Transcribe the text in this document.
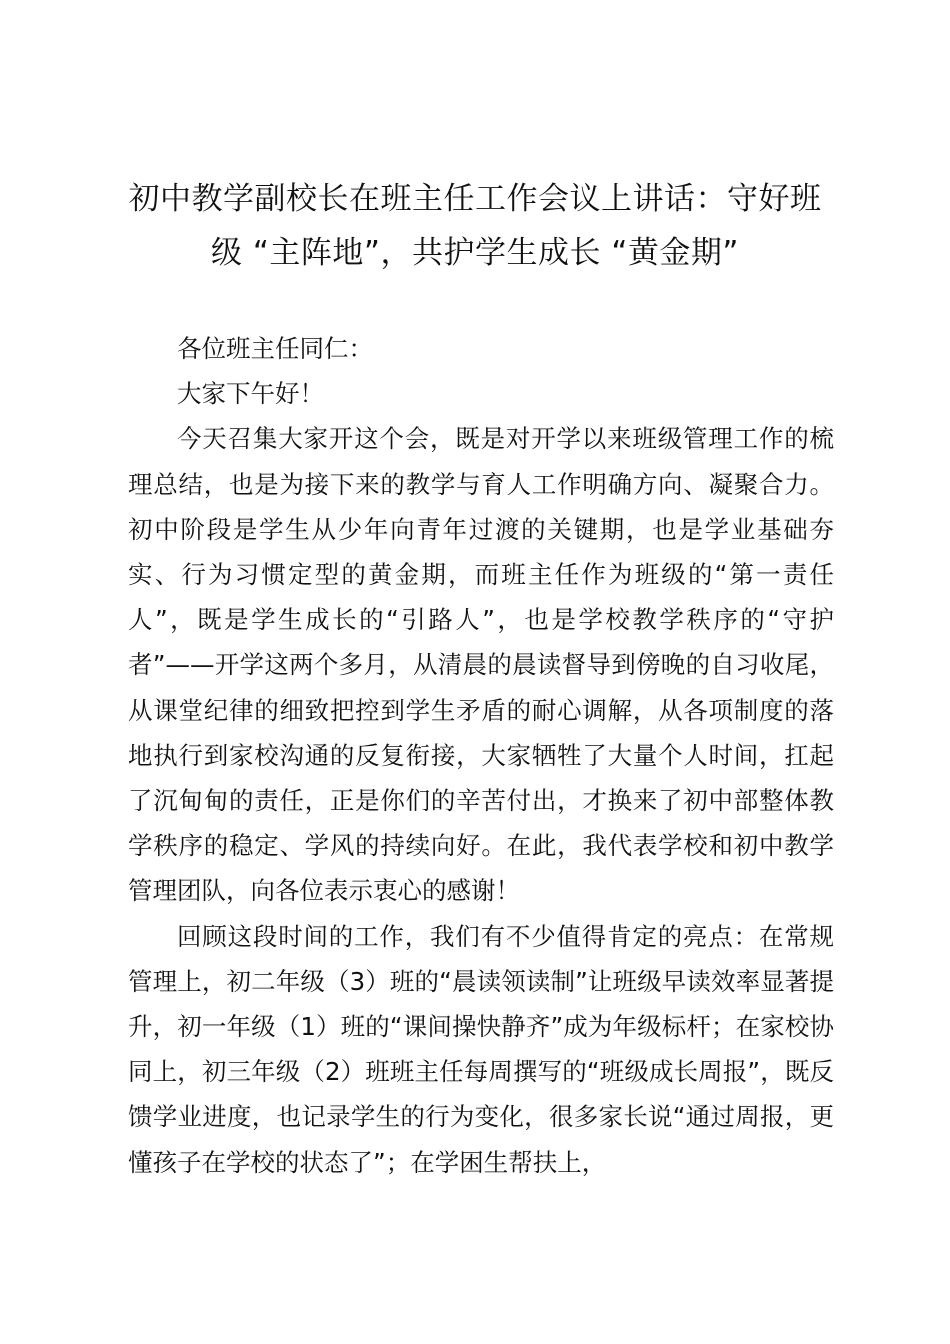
初中教学副校长在班主任工作会议上讲话：守好班级 “主阵地”，共护学生成长 “黄金期”

各位班主任同仁：

大家下午好！

今天召集大家开这个会，既是对开学以来班级管理工作的梳理总结，也是为接下来的教学与育人工作明确方向、凝聚合力。初中阶段是学生从少年向青年过渡的关键期，也是学业基础夯实、行为习惯定型的黄金期，而班主任作为班级的“第一责任人”，既是学生成长的“引路人”，也是学校教学秩序的“守护者”——开学这两个多月，从清晨的晨读督导到傍晚的自习收尾，从课堂纪律的细致把控到学生矛盾的耐心调解，从各项制度的落地执行到家校沟通的反复衔接，大家牺牲了大量个人时间，扛起了沉甸甸的责任，正是你们的辛苦付出，才换来了初中部整体教学秩序的稳定、学风的持续向好。在此，我代表学校和初中教学管理团队，向各位表示衷心的感谢！

回顾这段时间的工作，我们有不少值得肯定的亮点：在常规管理上，初二年级（3）班的“晨读领读制”让班级早读效率显著提升，初一年级（1）班的“课间操快静齐”成为年级标杆；在家校协同上，初三年级（2）班班主任每周撰写的“班级成长周报”，既反馈学业进度，也记录学生的行为变化，很多家长说“通过周报，更懂孩子在学校的状态了”；在学困生帮扶上，
